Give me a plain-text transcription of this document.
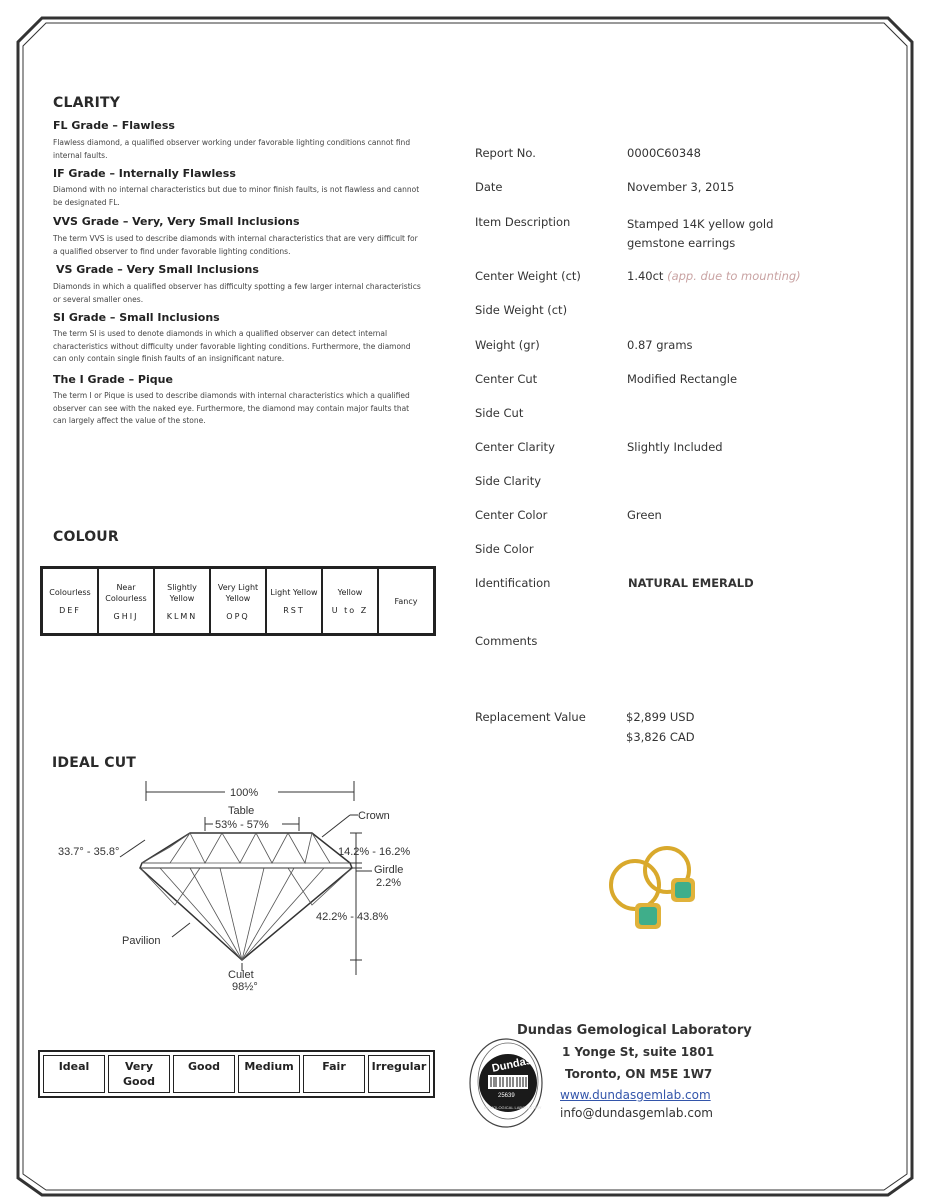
CLARITY
FL Grade – Flawless
Flawless diamond, a qualified observer working under favorable lighting conditions cannot find internal faults.
IF Grade – Internally Flawless
Diamond with no internal characteristics but due to minor finish faults, is not flawless and cannot be designated FL.
VVS Grade – Very, Very Small Inclusions
The term VVS is used to describe diamonds with internal characteristics that are very difficult for a qualified observer to find under favorable lighting conditions.
VS Grade – Very Small Inclusions
Diamonds in which a qualified observer has difficulty spotting a few larger internal characteristics or several smaller ones.
SI Grade – Small Inclusions
The term SI is used to denote diamonds in which a qualified observer can detect internal characteristics without difficulty under favorable lighting conditions. Furthermore, the diamond can only contain single finish faults of an insignificant nature.
The I Grade – Pique
The term I or Pique is used to describe diamonds with internal characteristics which a qualified observer can see with the naked eye. Furthermore, the diamond may contain major faults that can largely affect the value of the stone.
COLOUR
Colourless
DEF

Near Colourless
GHIJ

Slightly Yellow
KLMN

Very Light Yellow
OPQ

Light Yellow
RST

Yellow
U to Z

Fancy
IDEAL CUT
100%
Table
53% - 57%
Crown
33.7° - 35.8°	14.2% - 16.2%
Girdle
2.2%
42.2% - 43.8%
Pavilion
Culet
98½°
Ideal	Very Good	Good	Medium	Fair	Irregular
Report No.	0000C60348
Date	November 3, 2015
Item Description	Stamped 14K yellow gold gemstone earrings
Center Weight (ct)	1.40ct (app. due to mounting)
Side Weight (ct)
Weight (gr)	0.87 grams
Center Cut	Modified Rectangle
Side Cut
Center Clarity	Slightly Included
Side Clarity
Center Color	Green
Side Color
Identification	NATURAL EMERALD
Comments
Replacement Value	$2,899 USD
$3,826 CAD
Dundas
25639
GEMOLOGICAL LABORATORY
Dundas Gemological Laboratory
1 Yonge St, suite 1801
Toronto, ON M5E 1W7
www.dundasgemlab.com
info@dundasgemlab.com
